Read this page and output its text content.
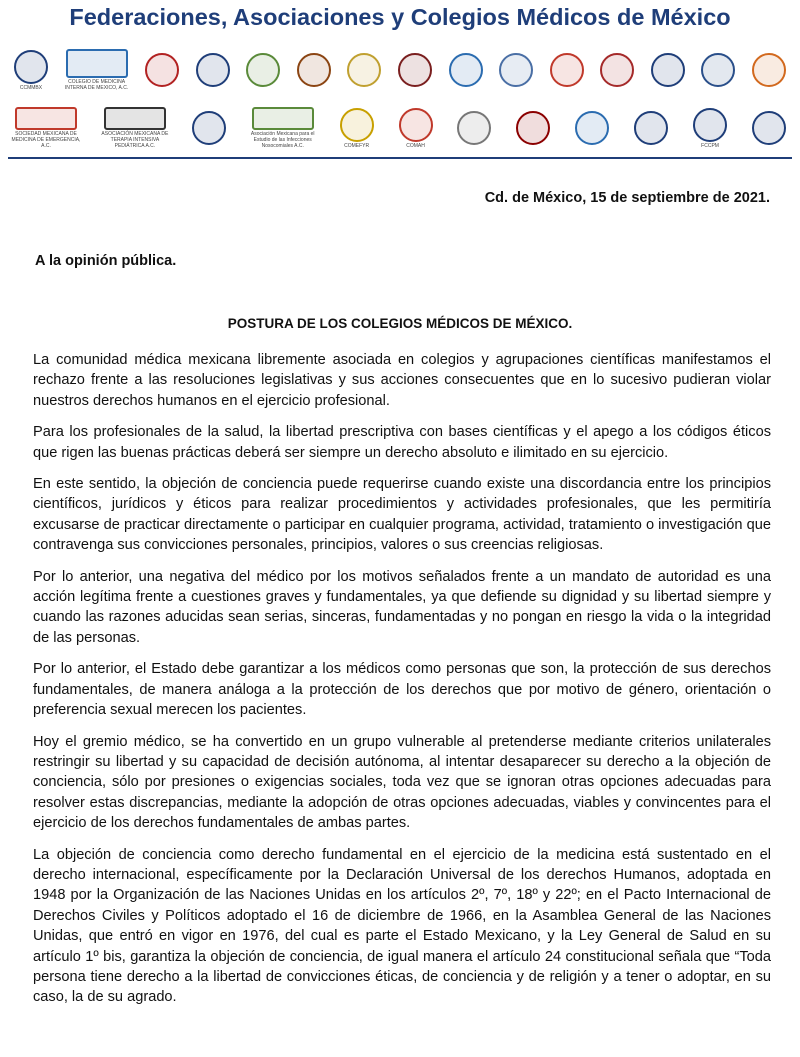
Federaciones, Asociaciones y Colegios Médicos de México
CCMMBX
COLEGIO DE MEDICINA INTERNA DE MEXICO, A.C.
SOCIEDAD MEXICANA DE MEDICINA DE EMERGENCIA, A.C.
ASOCIACIÓN MEXICANA DE TERAPIA INTENSIVA PEDIÁTRICA A.C.
Asociación Mexicana para el Estudio de las Infecciones Nosocomiales A.C.	COMEFYR	COMAH	FCCPM
Cd. de México, 15 de septiembre de 2021.
A la opinión pública.
POSTURA DE LOS COLEGIOS MÉDICOS DE MÉXICO.

La comunidad médica mexicana libremente asociada en colegios y agrupaciones científicas manifestamos el rechazo frente a las resoluciones legislativas y sus acciones consecuentes que en lo sucesivo pudieran violar nuestros derechos humanos en el ejercicio profesional.

Para los profesionales de la salud, la libertad prescriptiva con bases científicas y el apego a los códigos éticos que rigen las buenas prácticas deberá ser siempre un derecho absoluto e ilimitado en su ejercicio.

En este sentido, la objeción de conciencia puede requerirse cuando existe una discordancia entre los principios científicos, jurídicos y éticos para realizar procedimientos y actividades profesionales, que les permitiría excusarse de practicar directamente o participar en cualquier programa, actividad, tratamiento o investigación que contravenga sus convicciones personales, principios, valores o sus creencias religiosas.

Por lo anterior, una negativa del médico por los motivos señalados frente a un mandato de autoridad es una acción legítima frente a cuestiones graves y fundamentales, ya que defiende su dignidad y su libertad siempre y cuando las razones aducidas sean serias, sinceras, fundamentadas y no pongan en riesgo la vida o la integridad de las personas.

Por lo anterior, el Estado debe garantizar a los médicos como personas que son, la protección de sus derechos fundamentales, de manera análoga a la protección de los derechos que por motivo de género, orientación o preferencia sexual merecen los pacientes.

Hoy el gremio médico, se ha convertido en un grupo vulnerable al pretenderse mediante criterios unilaterales restringir su libertad y su capacidad de decisión autónoma, al intentar desaparecer su derecho a la objeción de conciencia, sólo por presiones o exigencias sociales, toda vez que se ignoran otras opciones adecuadas para resolver estas discrepancias, mediante la adopción de otras opciones adecuadas, viables y convincentes para el ejercicio de los derechos fundamentales de ambas partes.

La objeción de conciencia como derecho fundamental en el ejercicio de la medicina está sustentado en el derecho internacional, específicamente por la Declaración Universal de los derechos Humanos, adoptada en 1948 por la Organización de las Naciones Unidas en los artículos 2º, 7º, 18º y 22º; en el Pacto Internacional de Derechos Civiles y Políticos adoptado el 16 de diciembre de 1966, en la Asamblea General de las Naciones Unidas, que entró en vigor en 1976, del cual es parte el Estado Mexicano, y la Ley General de Salud en su artículo 1º bis, garantiza la objeción de conciencia, de igual manera el artículo 24 constitucional señala que “Toda persona tiene derecho a la libertad de convicciones éticas, de conciencia y de religión y a tener o adoptar, en su caso, la de su agrado.
